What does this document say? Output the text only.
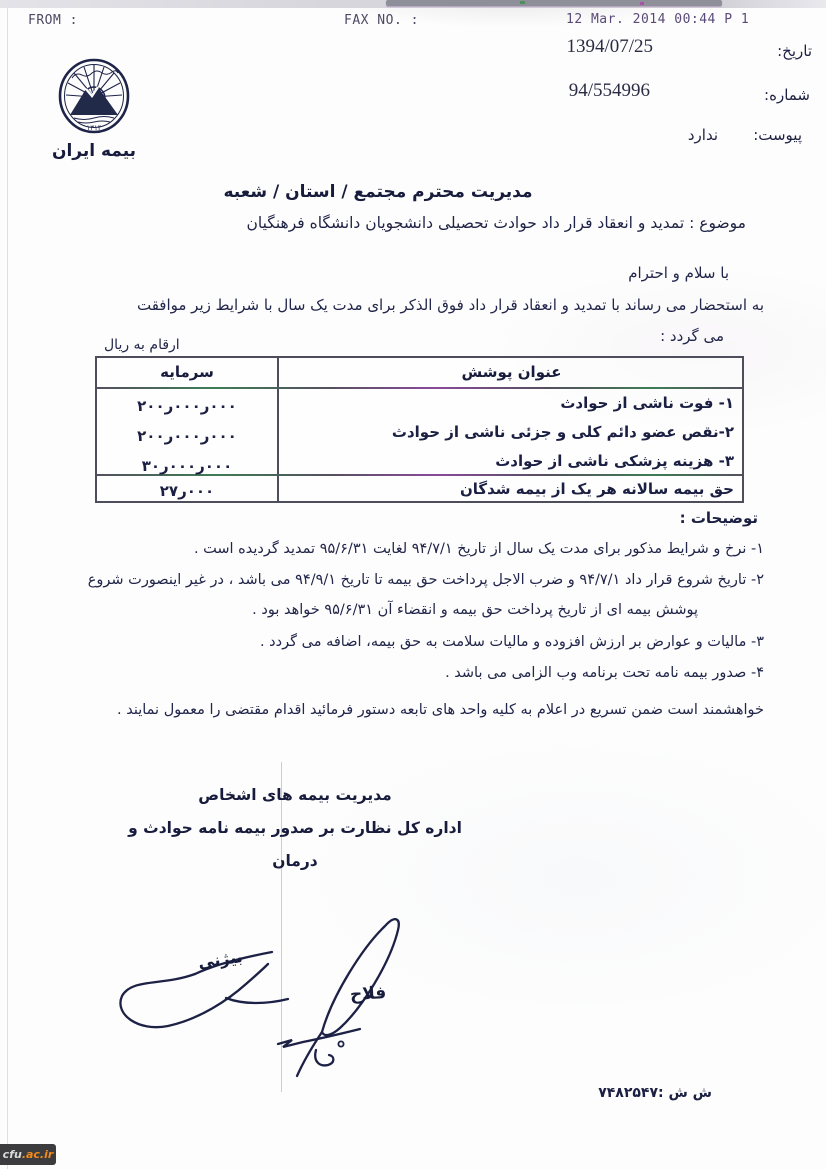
FROM :	FAX NO. :	12 Mar. 2014 00:44 P 1
تاریخ:
1394/07/25
شماره:
94/554996
پیوست:
ندارد
۱۳۱۴
بیمه ایران
مدیریت محترم مجتمع / استان / شعبه
موضوع : تمدید و انعقاد قرار داد حوادث تحصیلی دانشجویان دانشگاه فرهنگیان
با سلام و احترام
به استحضار می رساند با تمدید و انعقاد قرار داد فوق الذکر برای مدت یک سال با شرایط زیر موافقت
می گردد :
ارقام به ریال
عنوان پوشش
سرمایه
۱- فوت ناشی از حوادث
۲-نقص عضو دائم کلی و جزئی ناشی از حوادث
۳- هزینه پزشکی ناشی از حوادث
۲۰۰ر۰۰۰ر۰۰۰
۲۰۰ر۰۰۰ر۰۰۰
۳۰ر۰۰۰ر۰۰۰
حق بیمه سالانه هر یک از بیمه شدگان
۲۷ر۰۰۰
توضیحات :
۱- نرخ و شرایط مذکور برای مدت یک سال از تاریخ ۹۴/۷/۱ لغایت ۹۵/۶/۳۱ تمدید گردیده است .
۲- تاریخ شروع قرار داد ۹۴/۷/۱ و ضرب الاجل پرداخت حق بیمه تا تاریخ ۹۴/۹/۱ می باشد ، در غیر اینصورت شروع پوشش بیمه ای از تاریخ پرداخت حق بیمه و انقضاء آن ۹۵/۶/۳۱ خواهد بود .
۳- مالیات و عوارض بر ارزش افزوده و مالیات سلامت به حق بیمه، اضافه می گردد .
۴- صدور بیمه نامه تحت برنامه وب الزامی می باشد .
خواهشمند است ضمن تسریع در اعلام به کلیه واحد های تابعه دستور فرمائید اقدام مقتضی را معمول نمایند .
مدیریت بیمه های اشخاص
اداره کل نظارت بر صدور بیمه نامه حوادث و درمان
فلاح
بیژنی
ش ش :۷۴۸۲۵۴۷
cfu.ac.ir
